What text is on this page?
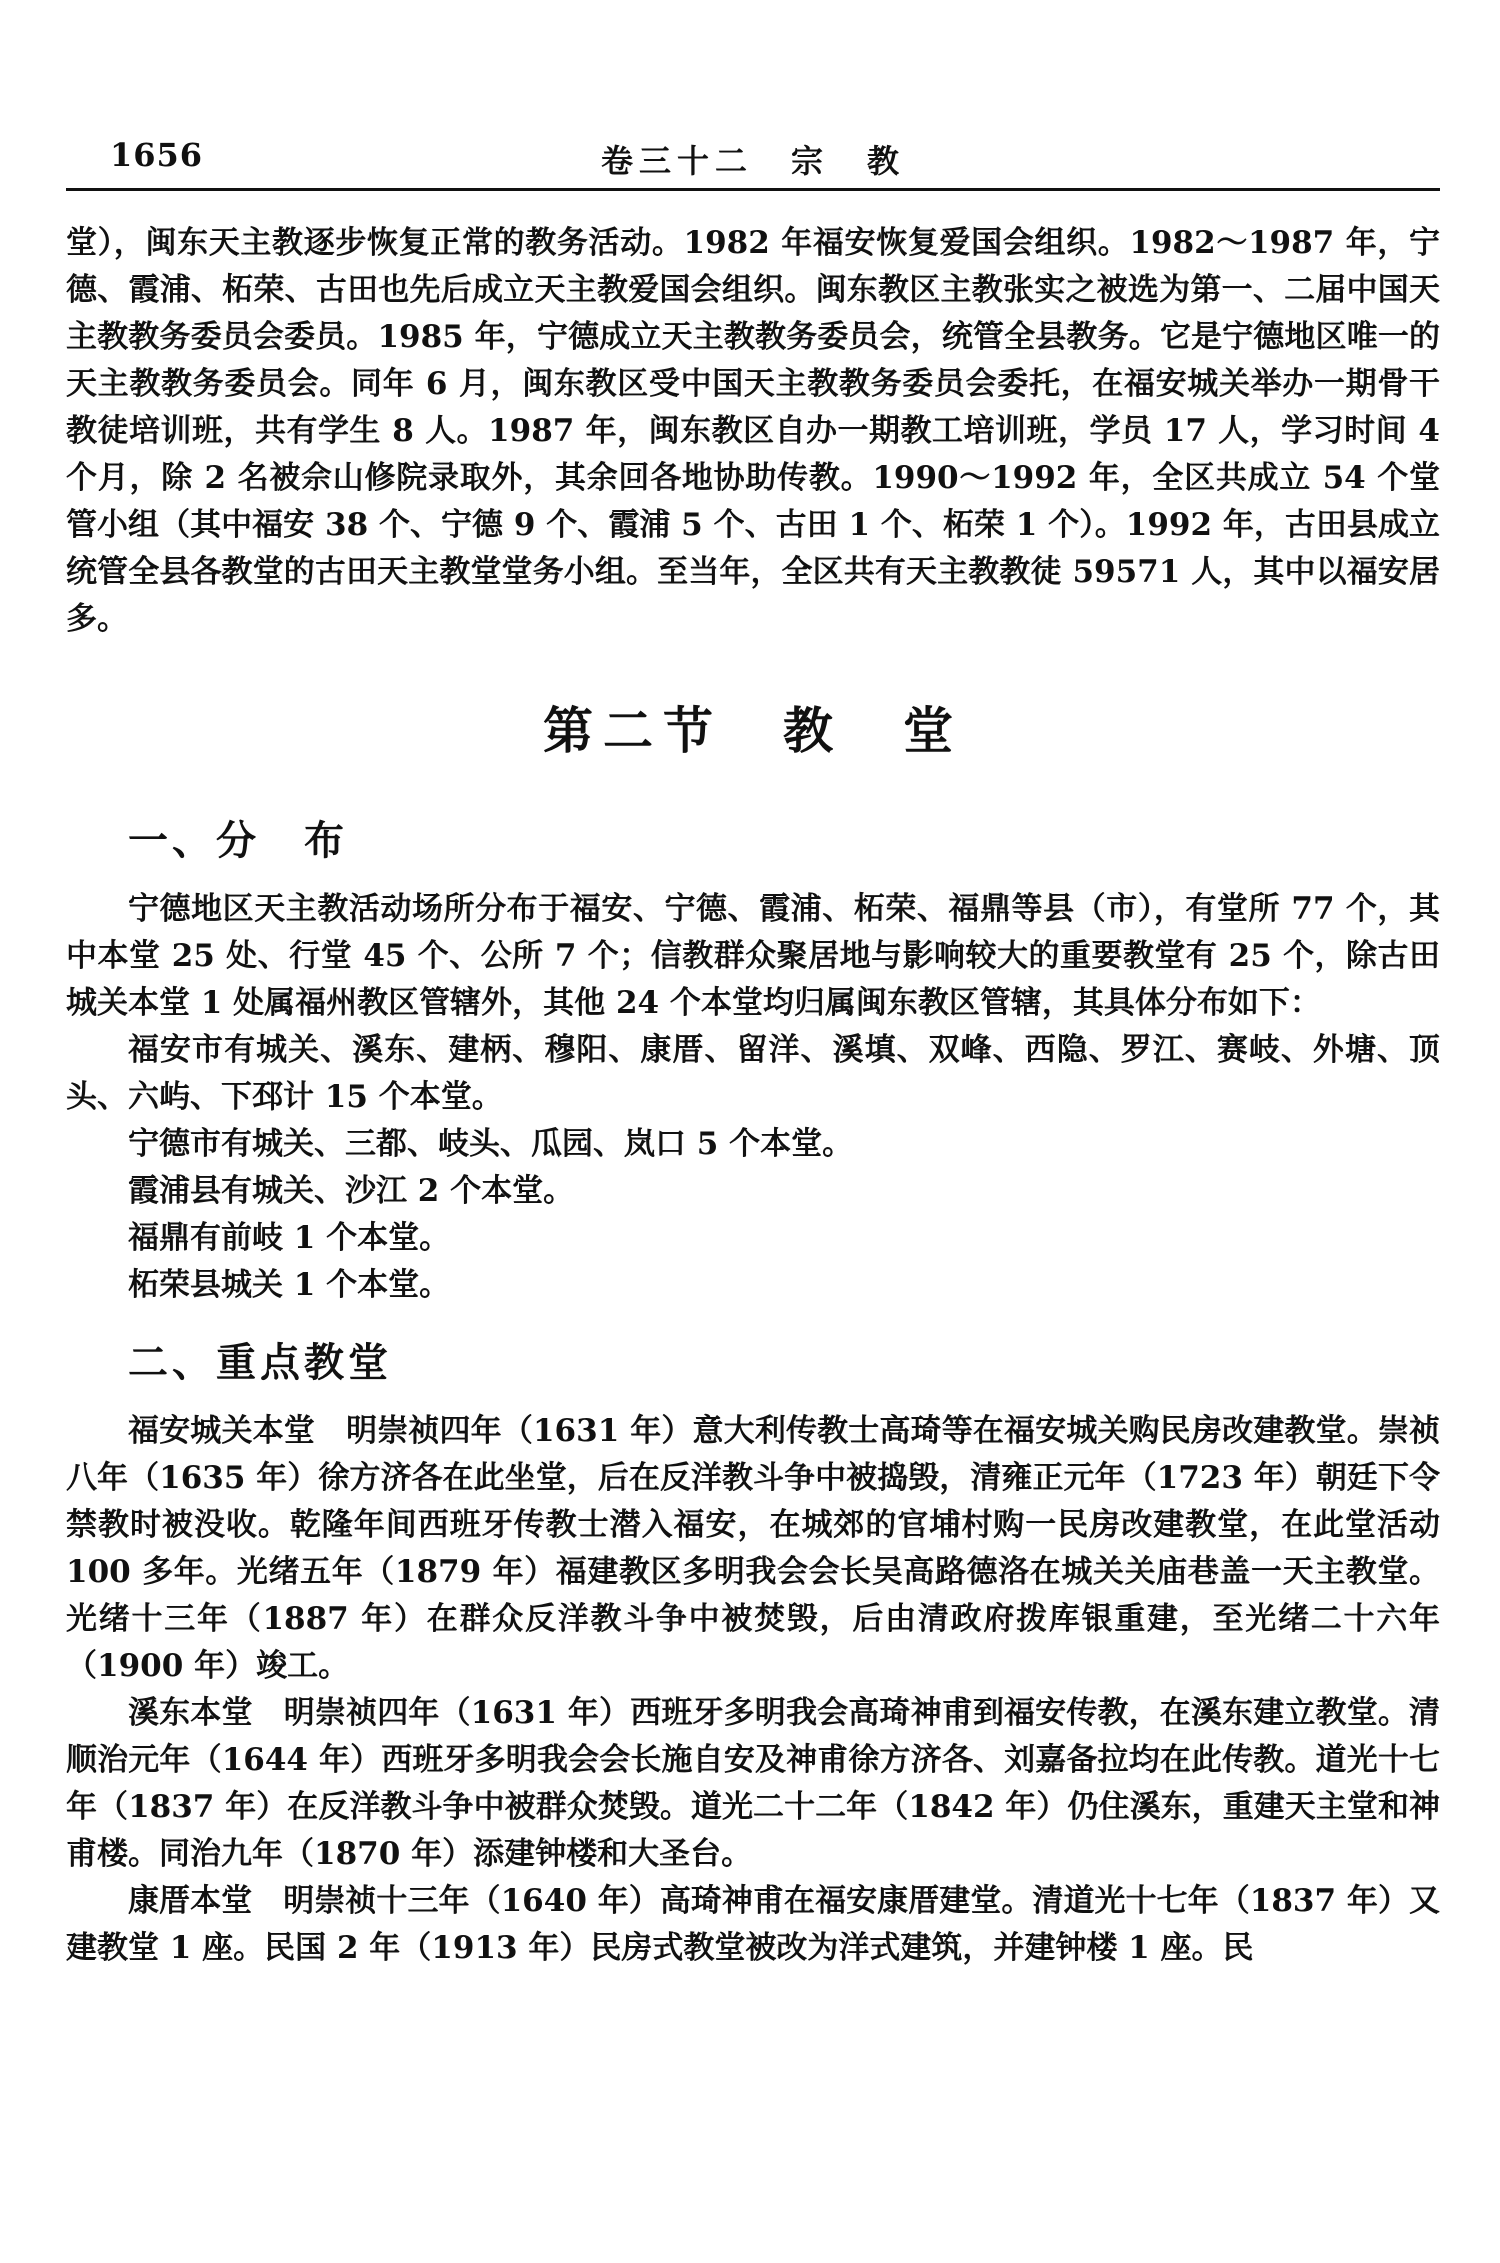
1656	卷三十二　宗　教

堂），闽东天主教逐步恢复正常的教务活动。1982 年福安恢复爱国会组织。1982～1987 年，宁德、霞浦、柘荣、古田也先后成立天主教爱国会组织。闽东教区主教张实之被选为第一、二届中国天主教教务委员会委员。1985 年，宁德成立天主教教务委员会，统管全县教务。它是宁德地区唯一的天主教教务委员会。同年 6 月，闽东教区受中国天主教教务委员会委托，在福安城关举办一期骨干教徒培训班，共有学生 8 人。1987 年，闽东教区自办一期教工培训班，学员 17 人，学习时间 4 个月，除 2 名被佘山修院录取外，其余回各地协助传教。1990～1992 年，全区共成立 54 个堂管小组（其中福安 38 个、宁德 9 个、霞浦 5 个、古田 1 个、柘荣 1 个）。1992 年，古田县成立统管全县各教堂的古田天主教堂堂务小组。至当年，全区共有天主教教徒 59571 人，其中以福安居多。

第二节　教　堂
一、分　布

宁德地区天主教活动场所分布于福安、宁德、霞浦、柘荣、福鼎等县（市），有堂所 77 个，其中本堂 25 处、行堂 45 个、公所 7 个；信教群众聚居地与影响较大的重要教堂有 25 个，除古田城关本堂 1 处属福州教区管辖外，其他 24 个本堂均归属闽东教区管辖，其具体分布如下：

福安市有城关、溪东、建柄、穆阳、康厝、留洋、溪填、双峰、西隐、罗江、赛岐、外塘、顶头、六屿、下邳计 15 个本堂。

宁德市有城关、三都、岐头、瓜园、岚口 5 个本堂。

霞浦县有城关、沙江 2 个本堂。

福鼎有前岐 1 个本堂。

柘荣县城关 1 个本堂。

二、重点教堂

福安城关本堂　明崇祯四年（1631 年）意大利传教士高琦等在福安城关购民房改建教堂。崇祯八年（1635 年）徐方济各在此坐堂，后在反洋教斗争中被捣毁，清雍正元年（1723 年）朝廷下令禁教时被没收。乾隆年间西班牙传教士潜入福安，在城郊的官埔村购一民房改建教堂，在此堂活动 100 多年。光绪五年（1879 年）福建教区多明我会会长吴高路德洛在城关关庙巷盖一天主教堂。光绪十三年（1887 年）在群众反洋教斗争中被焚毁，后由清政府拨库银重建，至光绪二十六年（1900 年）竣工。

溪东本堂　明崇祯四年（1631 年）西班牙多明我会高琦神甫到福安传教，在溪东建立教堂。清顺治元年（1644 年）西班牙多明我会会长施自安及神甫徐方济各、刘嘉备拉均在此传教。道光十七年（1837 年）在反洋教斗争中被群众焚毁。道光二十二年（1842 年）仍住溪东，重建天主堂和神甫楼。同治九年（1870 年）添建钟楼和大圣台。

康厝本堂　明崇祯十三年（1640 年）高琦神甫在福安康厝建堂。清道光十七年（1837 年）又建教堂 1 座。民国 2 年（1913 年）民房式教堂被改为洋式建筑，并建钟楼 1 座。民
